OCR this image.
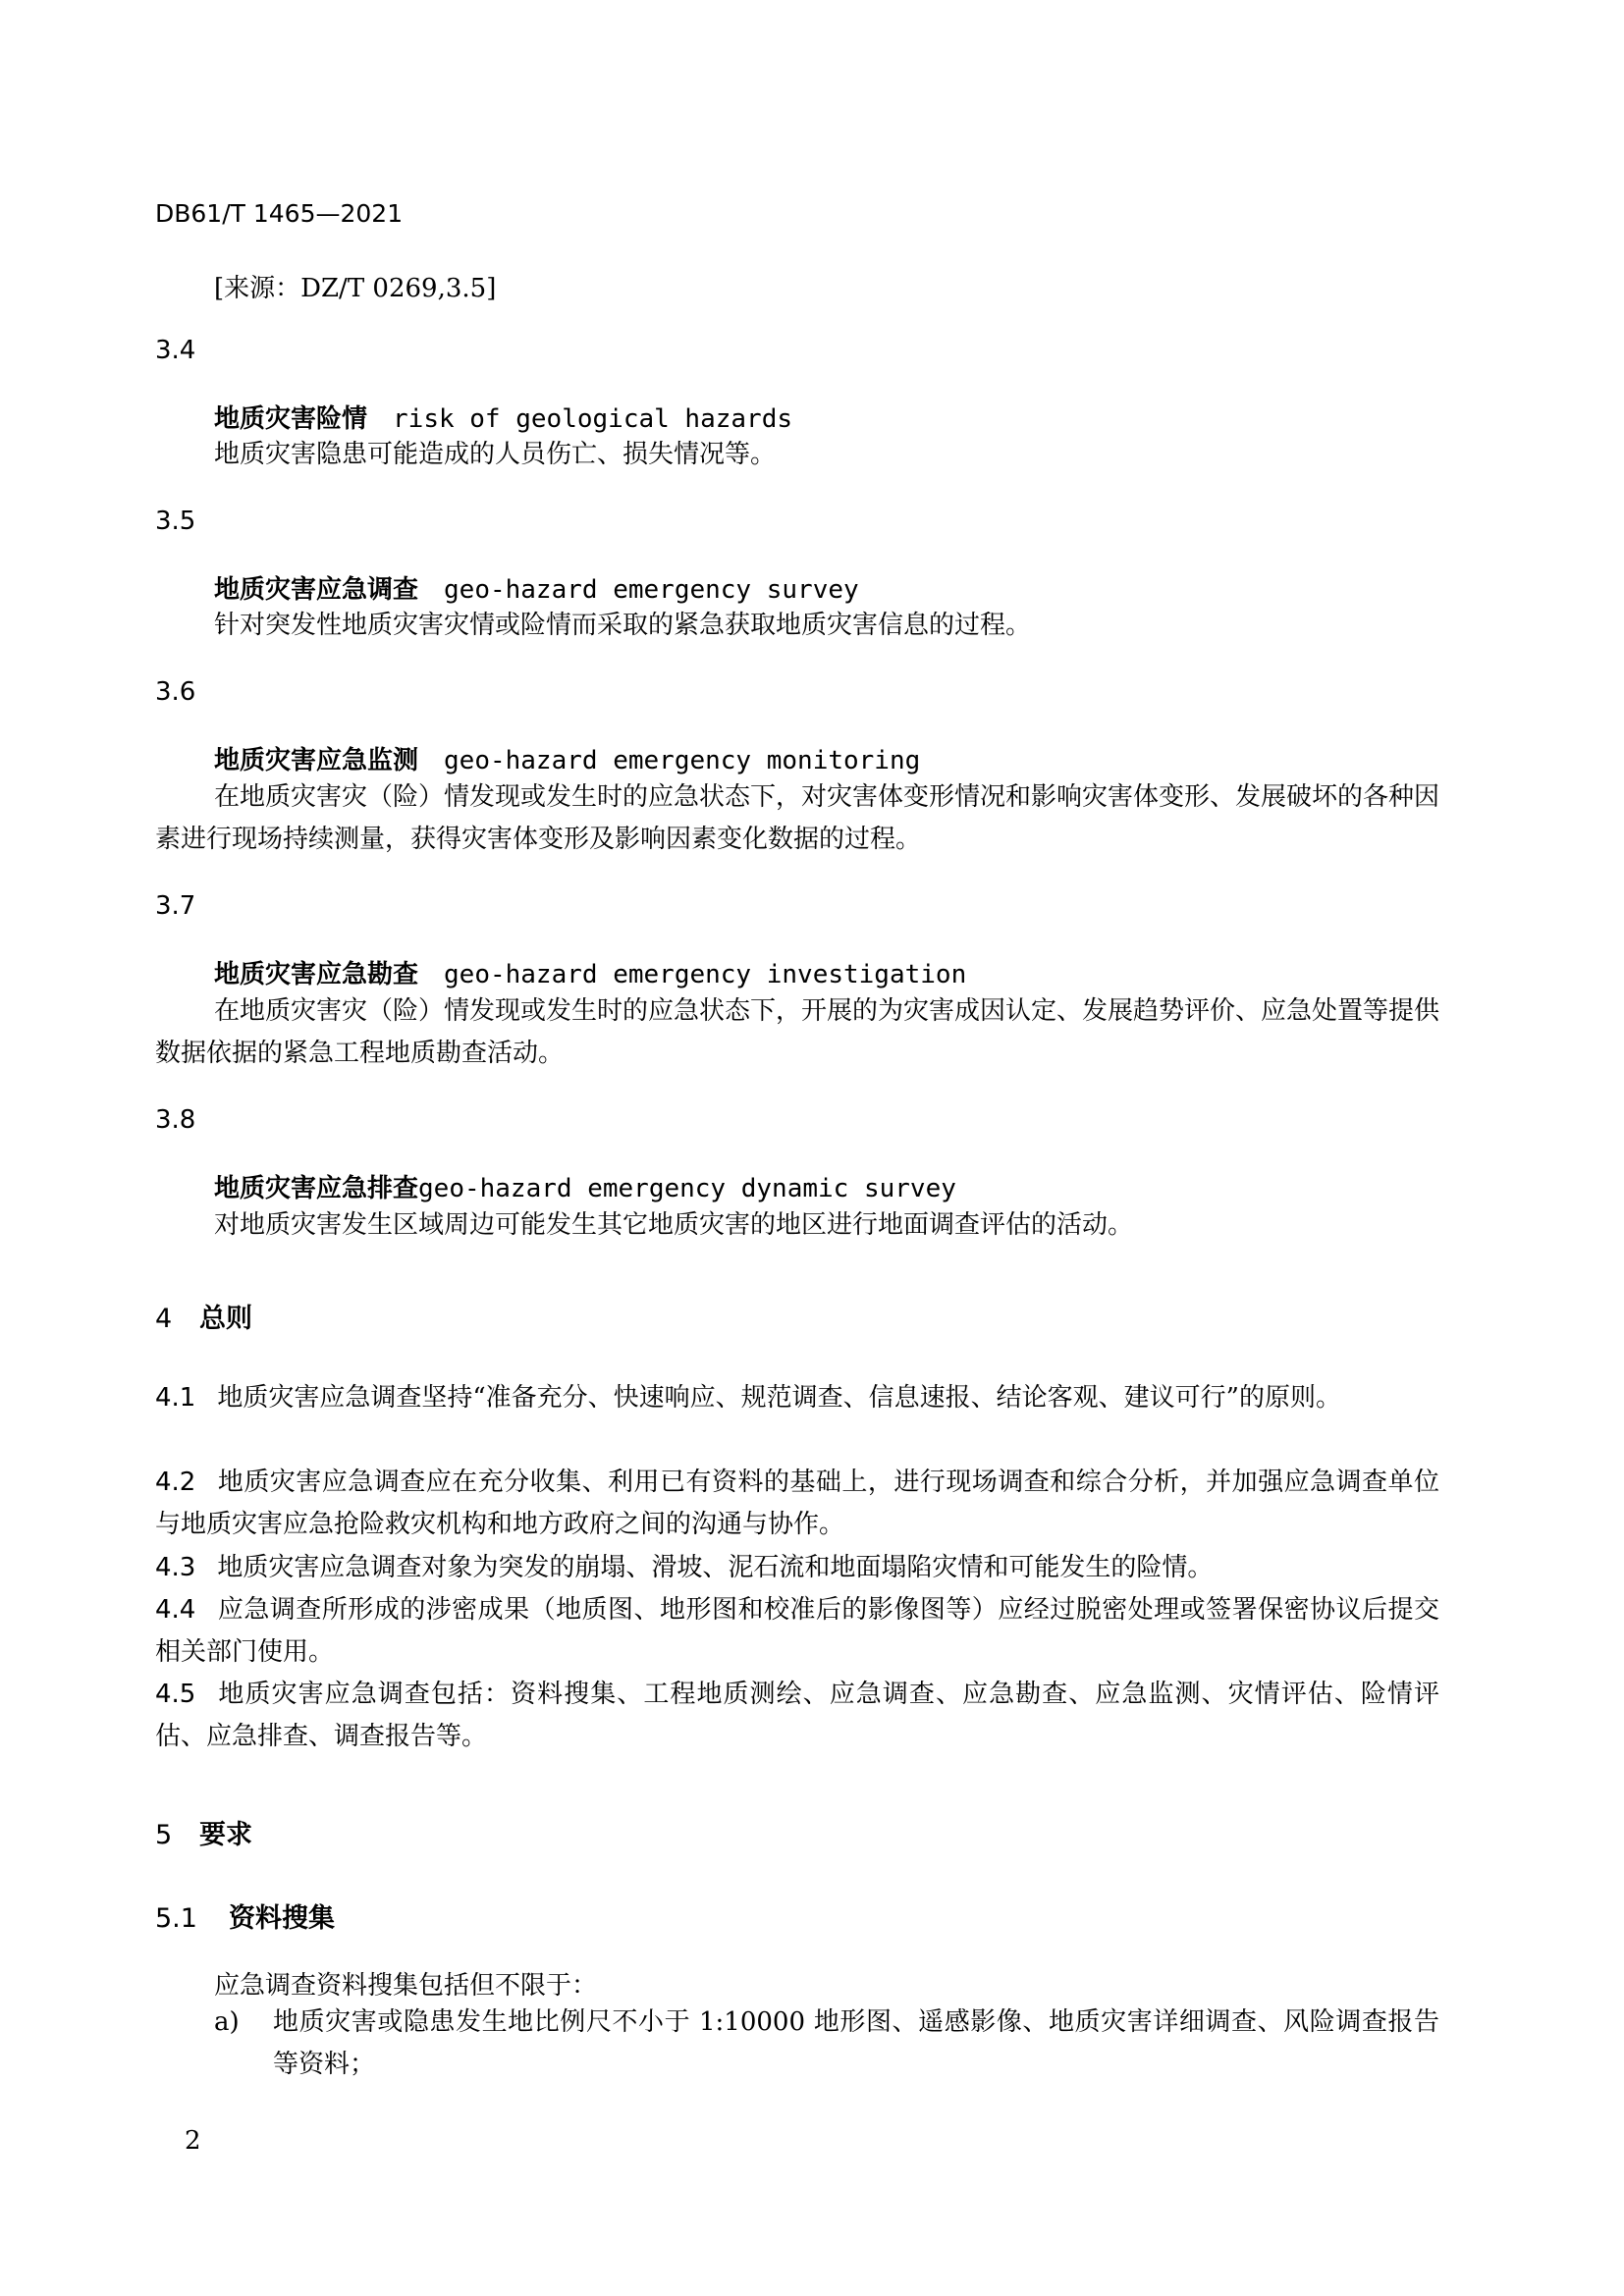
DB61/T 1465—2021
[来源：DZ/T 0269,3.5]
3.4
地质灾害险情 risk of geological hazards
地质灾害隐患可能造成的人员伤亡、损失情况等。
3.5
地质灾害应急调查 geo-hazard emergency survey
针对突发性地质灾害灾情或险情而采取的紧急获取地质灾害信息的过程。
3.6
地质灾害应急监测 geo-hazard emergency monitoring
在地质灾害灾（险）情发现或发生时的应急状态下，对灾害体变形情况和影响灾害体变形、发展破坏的各种因素进行现场持续测量，获得灾害体变形及影响因素变化数据的过程。
3.7
地质灾害应急勘查 geo-hazard emergency investigation
在地质灾害灾（险）情发现或发生时的应急状态下，开展的为灾害成因认定、发展趋势评价、应急处置等提供数据依据的紧急工程地质勘查活动。
3.8
地质灾害应急排查geo-hazard emergency dynamic survey
对地质灾害发生区域周边可能发生其它地质灾害的地区进行地面调查评估的活动。
4 总则
4.1 地质灾害应急调查坚持“准备充分、快速响应、规范调查、信息速报、结论客观、建议可行”的原则。
4.2 地质灾害应急调查应在充分收集、利用已有资料的基础上，进行现场调查和综合分析，并加强应急调查单位与地质灾害应急抢险救灾机构和地方政府之间的沟通与协作。
4.3 地质灾害应急调查对象为突发的崩塌、滑坡、泥石流和地面塌陷灾情和可能发生的险情。
4.4 应急调查所形成的涉密成果（地质图、地形图和校准后的影像图等）应经过脱密处理或签署保密协议后提交相关部门使用。
4.5 地质灾害应急调查包括：资料搜集、工程地质测绘、应急调查、应急勘查、应急监测、灾情评估、险情评估、应急排查、调查报告等。
5 要求
5.1 资料搜集
应急调查资料搜集包括但不限于：
a)	地质灾害或隐患发生地比例尺不小于 1:10000 地形图、遥感影像、地质灾害详细调查、风险调查报告等资料；
2
